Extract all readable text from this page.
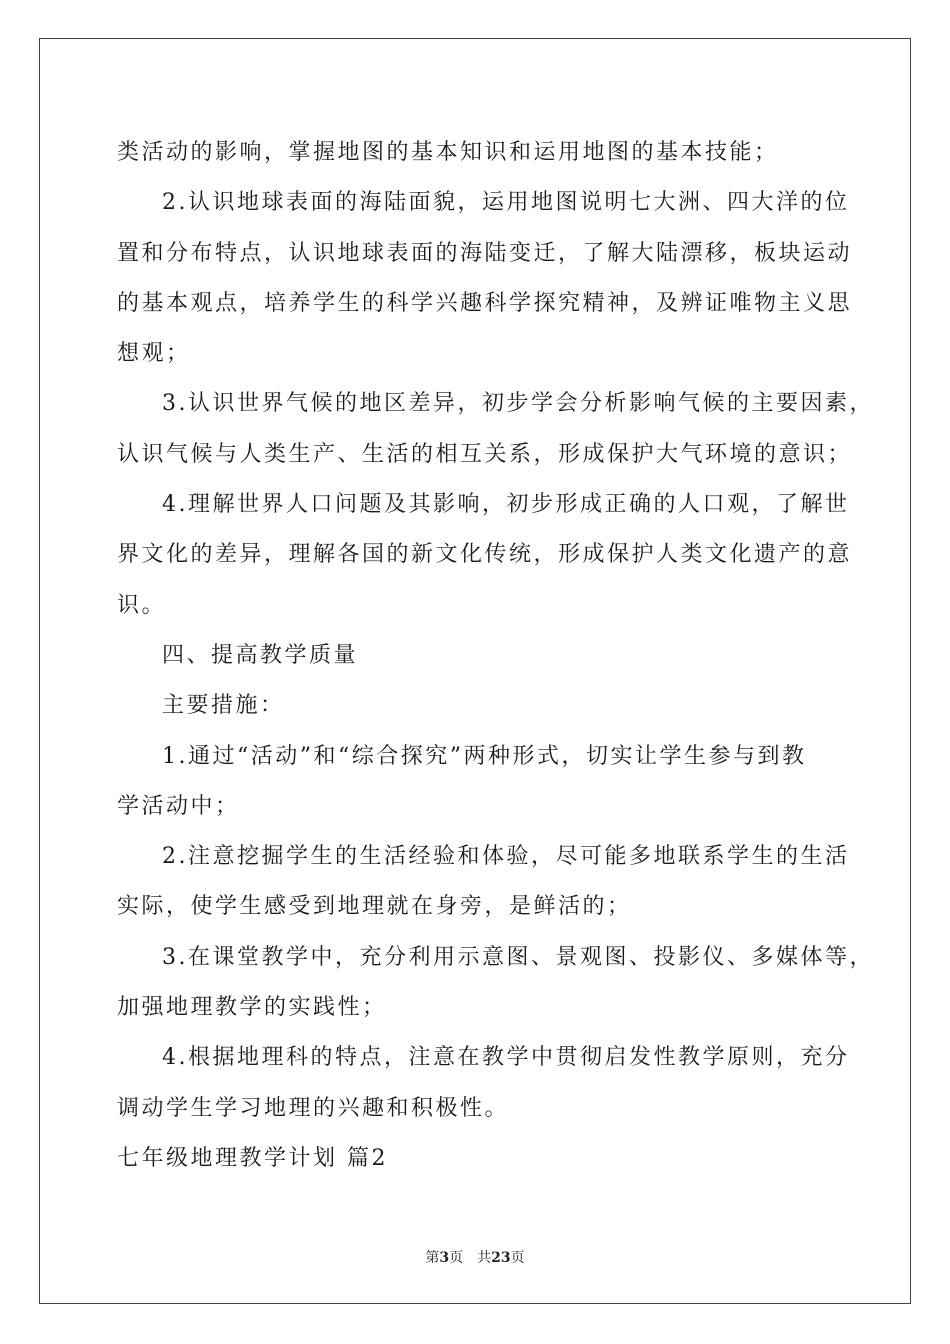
类活动的影响，掌握地图的基本知识和运用地图的基本技能；
2.认识地球表面的海陆面貌，运用地图说明七大洲、四大洋的位
置和分布特点，认识地球表面的海陆变迁，了解大陆漂移，板块运动
的基本观点，培养学生的科学兴趣科学探究精神，及辨证唯物主义思
想观；
3.认识世界气候的地区差异，初步学会分析影响气候的主要因素，
认识气候与人类生产、生活的相互关系，形成保护大气环境的意识；
4.理解世界人口问题及其影响，初步形成正确的人口观，了解世
界文化的差异，理解各国的新文化传统，形成保护人类文化遗产的意
识。
四、提高教学质量
主要措施：
1.通过“活动”和“综合探究”两种形式，切实让学生参与到教
学活动中；
2.注意挖掘学生的生活经验和体验，尽可能多地联系学生的生活
实际，使学生感受到地理就在身旁，是鲜活的；
3.在课堂教学中，充分利用示意图、景观图、投影仪、多媒体等，
加强地理教学的实践性；
4.根据地理科的特点，注意在教学中贯彻启发性教学原则，充分
调动学生学习地理的兴趣和积极性。
七年级地理教学计划 篇2
第3页　共23页
